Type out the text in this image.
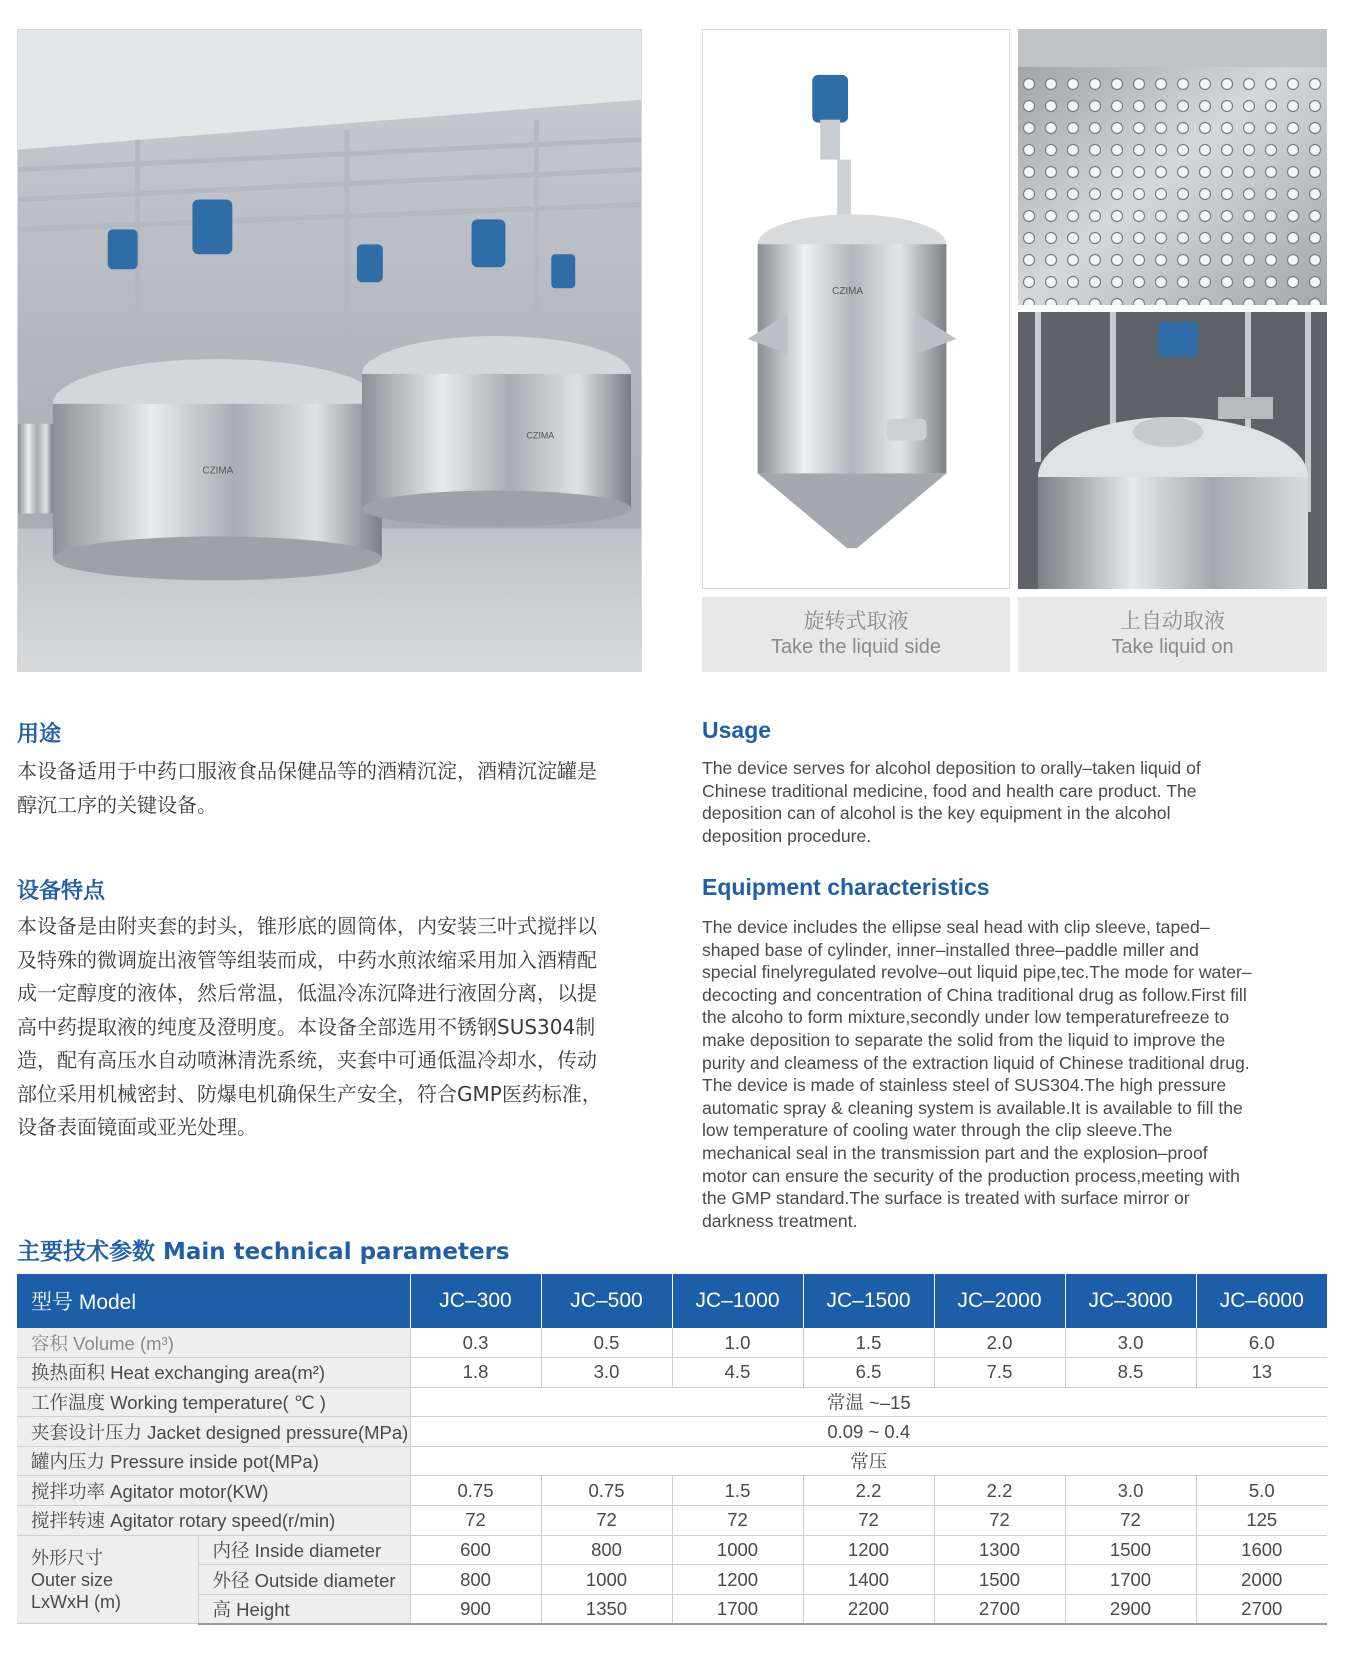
CZIMA
CZIMA
CZIMA
旋转式取液
Take the liquid side
上自动取液
Take liquid on
用途
本设备适用于中药口服液食品保健品等的酒精沉淀，酒精沉淀罐是
醇沉工序的关键设备。
Usage
The device serves for alcohol deposition to orally–taken liquid of
Chinese traditional medicine, food and health care product. The
deposition can of alcohol is the key equipment in the alcohol
deposition procedure.
设备特点
本设备是由附夹套的封头，锥形底的圆筒体，内安装三叶式搅拌以
及特殊的微调旋出液管等组装而成，中药水煎浓缩采用加入酒精配
成一定醇度的液体，然后常温，低温冷冻沉降进行液固分离，以提
高中药提取液的纯度及澄明度。本设备全部选用不锈钢SUS304制
造，配有高压水自动喷淋清洗系统，夹套中可通低温冷却水，传动
部位采用机械密封、防爆电机确保生产安全，符合GMP医药标准，
设备表面镜面或亚光处理。
Equipment characteristics
The device includes the ellipse seal head with clip sleeve, taped–
shaped base of cylinder, inner–installed three–paddle miller and
special finelyregulated revolve–out liquid pipe,tec.The mode for water–
decocting and concentration of China traditional drug as follow.First fill
the alcoho to form mixture,secondly under low temperaturefreeze to
make deposition to separate the solid from the liquid to improve the
purity and cleamess of the extraction liquid of Chinese traditional drug.
The device is made of stainless steel of SUS304.The high pressure
automatic spray & cleaning system is available.It is available to fill the
low temperature of cooling water through the clip sleeve.The
mechanical seal in the transmission part and the explosion–proof
motor can ensure the security of the production process,meeting with
the GMP standard.The surface is treated with surface mirror or
darkness treatment.
主要技术参数 Main technical parameters
型号 Model		JC–300	JC–500	JC–1000	JC–1500	JC–2000	JC–3000	JC–6000
容积 Volume (m³)		0.3	0.5	1.0	1.5	2.0	3.0	6.0
换热面积 Heat exchanging area(m²)		1.8	3.0	4.5	6.5	7.5	8.5	13
工作温度 Working temperature( ℃ )		常温 ~–15						
夹套设计压力 Jacket designed pressure(MPa)		0.09 ~ 0.4						
罐内压力 Pressure inside pot(MPa)		常压						
搅拌功率 Agitator motor(KW)		0.75	0.75	1.5	2.2	2.2	3.0	5.0
搅拌转速 Agitator rotary speed(r/min)		72	72	72	72	72	72	125

外形尺寸
Outer size
LxWxH (m)	内径 Inside diameter	600	800	1000	1200	1300	1500	1600
	外径 Outside diameter	800	1000	1200	1400	1500	1700	2000
	高 Height	900	1350	1700	2200	2700	2900	2700
